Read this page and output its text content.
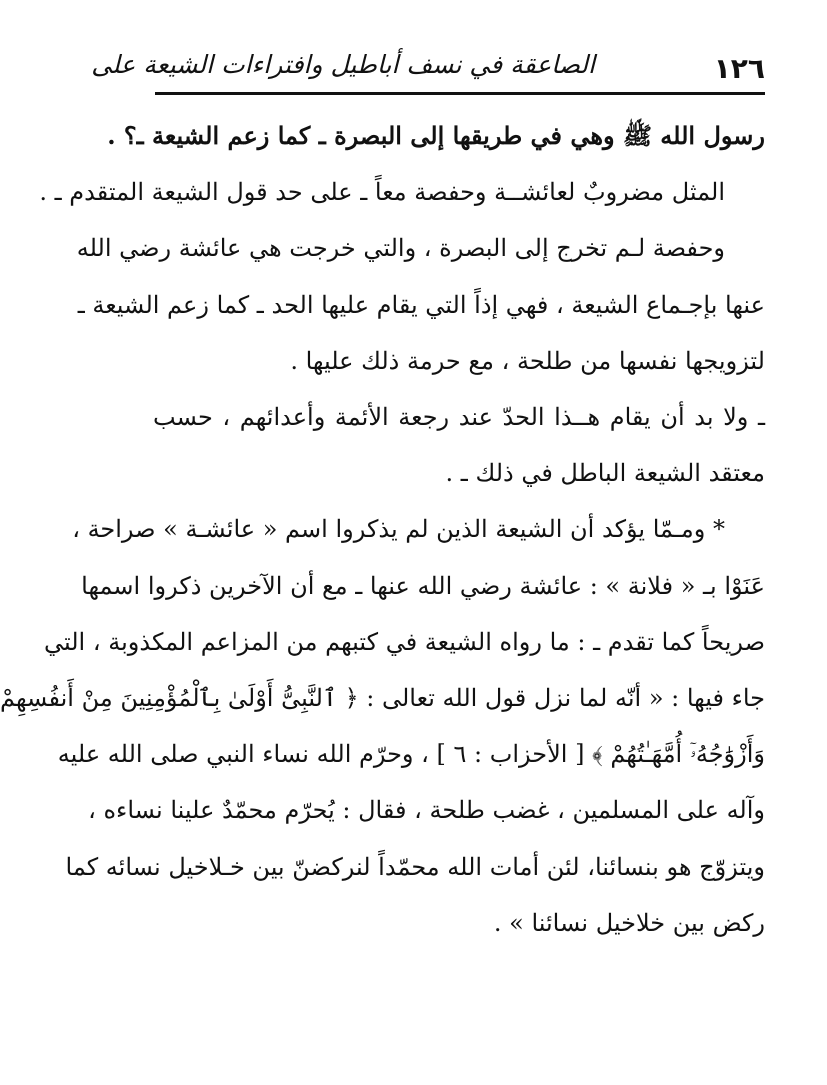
١٢٦
الصاعقة في نسف أباطيل وافتراءات الشيعة على
رسول الله ﷺ وهي في طريقها إلى البصرة ـ كما زعم الشيعة ـ؟ .
المثل مضروبٌ لعائشــة وحفصة معاً ـ على حد قول الشيعة المتقدم ـ .
وحفصة لـم تخرج إلى البصرة ، والتي خرجت هي عائشة رضي الله
عنها بإجـماع الشيعة ، فهي إذاً التي يقام عليها الحد ـ كما زعم الشيعة ـ
لتزويجها نفسها من طلحة ، مع حرمة ذلك عليها .
ـ ولا بد أن يقام هــذا الحدّ عند رجعة الأئمة وأعدائهم ، حسب
معتقد الشيعة الباطل في ذلك ـ .
* ومـمّا يؤكد أن الشيعة الذين لم يذكروا اسم « عائشـة » صراحة ،
عَنَوْا بـ « فلانة » : عائشة رضي الله عنها ـ مع أن الآخرين ذكروا اسمها
صريحاً كما تقدم ـ : ما رواه الشيعة في كتبهم من المزاعم المكذوبة ، التي
جاء فيها : « أنّه لما نزل قول الله تعالى : ﴿ ٱلنَّبِىُّ أَوْلَىٰ بِٱلْمُؤْمِنِينَ مِنْ أَنفُسِهِمْ
وَأَزْوَٰجُهُۥٓ أُمَّهَـٰتُهُمْ ﴾ [ الأحزاب : ٦ ] ، وحرّم الله نساء النبي صلى الله عليه
وآله على المسلمين ، غضب طلحة ، فقال : يُحرّم محمّدٌ علينا نساءه ،
ويتزوّج هو بنسائنا، لئن أمات الله محمّداً لنركضنّ بين خـلاخيل نسائه كما
ركض بين خلاخيل نسائنا » .
